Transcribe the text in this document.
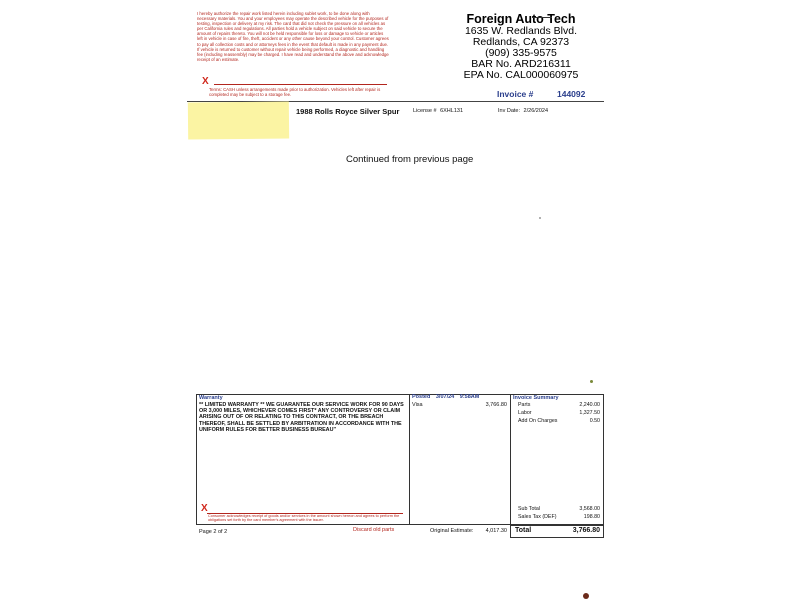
I hereby authorize the repair work listed herein including sublet work, to be done along with necessary materials. You and your employees may operate the described vehicle for the purposes of testing, inspection or delivery at my risk. The card that did not check the pressure on all vehicles as per California rules and regulations. All parties hold a vehicle subject on said vehicle to secure the amount of repairs thereto. You will not be held responsible for loss or damage to vehicle or articles left in vehicle in case of fire, theft, accident or any other cause beyond your control. Customer agrees to pay all collection costs and or attorneys fees in the event that default is made in any payment due. If vehicle is returned to customer without repair vehicle being performed, a diagnostic and handling fee (including reassembly) may be charged. I have read and understand the above and acknowledge receipt of an estimate.
X
Terms: CASH unless arrangements made prior to authorization. Vehicles left after repair is completed may be subject to a storage fee.
Foreign Auto Tech
1635 W. Redlands Blvd.
Redlands, CA 92373
(909) 335-9575
BAR No. ARD216311
EPA No. CAL000060975
Invoice #	144092
1988 Rolls Royce Silver Spur License # 6XHL131	Inv Date: 2/26/2024
Continued from previous page
Warranty
** LIMITED WARRANTY ** WE GUARANTEE OUR SERVICE WORK FOR 90 DAYS OR 3,000 MILES, WHICHEVER COMES FIRST* ANY CONTROVERSY OR CLAIM ARISING OUT OF OR RELATING TO THIS CONTRACT, OR THE BREACH THEREOF, SHALL BE SETTLED BY ARBITRATION IN ACCORDANCE WITH THE UNIFORM RULES FOR BETTER BUSINESS BUREAU"
X
Consumer acknowledges receipt of goods and/or services in the amount shown hereon and agrees to perform the obligations set forth by the card member's agreement with the issuer.
Posted 3/07/24 9:58AM
Visa	3,766.80
Invoice Summary
Parts	2,240.00
Labor	1,327.50
Add On Charges	0.50
Sub Total	3,568.00
Sales Tax (DEF)	198.80
Total	3,766.80
Page 2 of 2	Discard old parts	Original Estimate:	4,017.30
